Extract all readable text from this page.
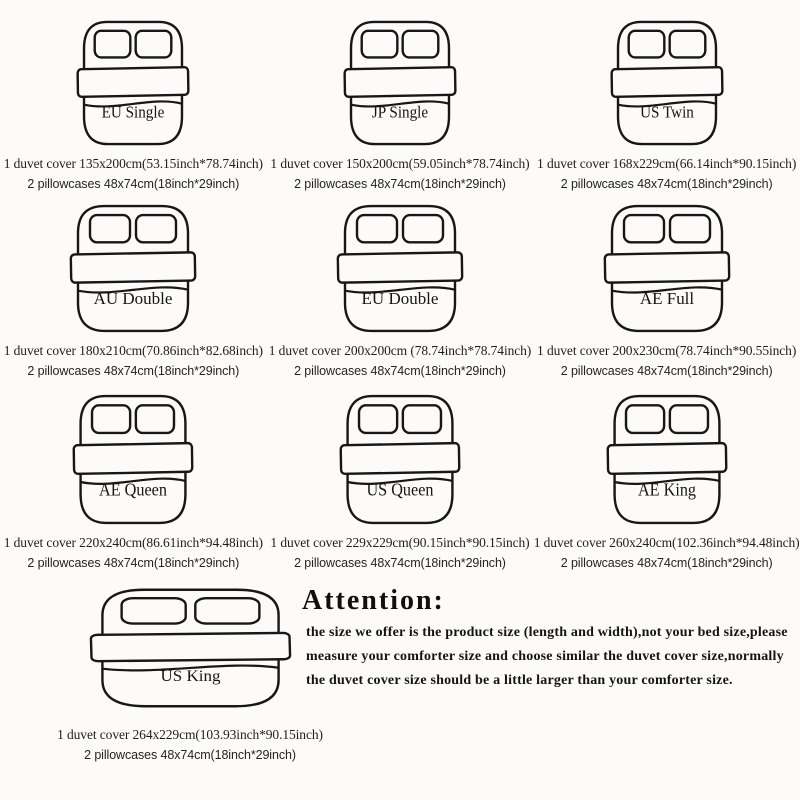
EU Single
1 duvet cover 135x200cm(53.15inch*78.74inch)
2 pillowcases 48x74cm(18inch*29inch)
JP Single
1 duvet cover 150x200cm(59.05inch*78.74inch)
2 pillowcases 48x74cm(18inch*29inch)
US Twin
1 duvet cover 168x229cm(66.14inch*90.15inch)
2 pillowcases 48x74cm(18inch*29inch)
AU Double
1 duvet cover 180x210cm(70.86inch*82.68inch)
2 pillowcases 48x74cm(18inch*29inch)
EU Double
1 duvet cover 200x200cm (78.74inch*78.74inch)
2 pillowcases 48x74cm(18inch*29inch)
AE Full
1 duvet cover 200x230cm(78.74inch*90.55inch)
2 pillowcases 48x74cm(18inch*29inch)
AE Queen
1 duvet cover 220x240cm(86.61inch*94.48inch)
2 pillowcases 48x74cm(18inch*29inch)
US Queen
1 duvet cover 229x229cm(90.15inch*90.15inch)
2 pillowcases 48x74cm(18inch*29inch)
AE King
1 duvet cover 260x240cm(102.36inch*94.48inch)
2 pillowcases 48x74cm(18inch*29inch)
US King
1 duvet cover 264x229cm(103.93inch*90.15inch)
2 pillowcases 48x74cm(18inch*29inch)
Attention:
the size we offer is the product size (length and width),not your bed size,please measure your comforter size and choose similar the duvet cover size,normally the duvet cover size should be a little larger than your comforter size.
